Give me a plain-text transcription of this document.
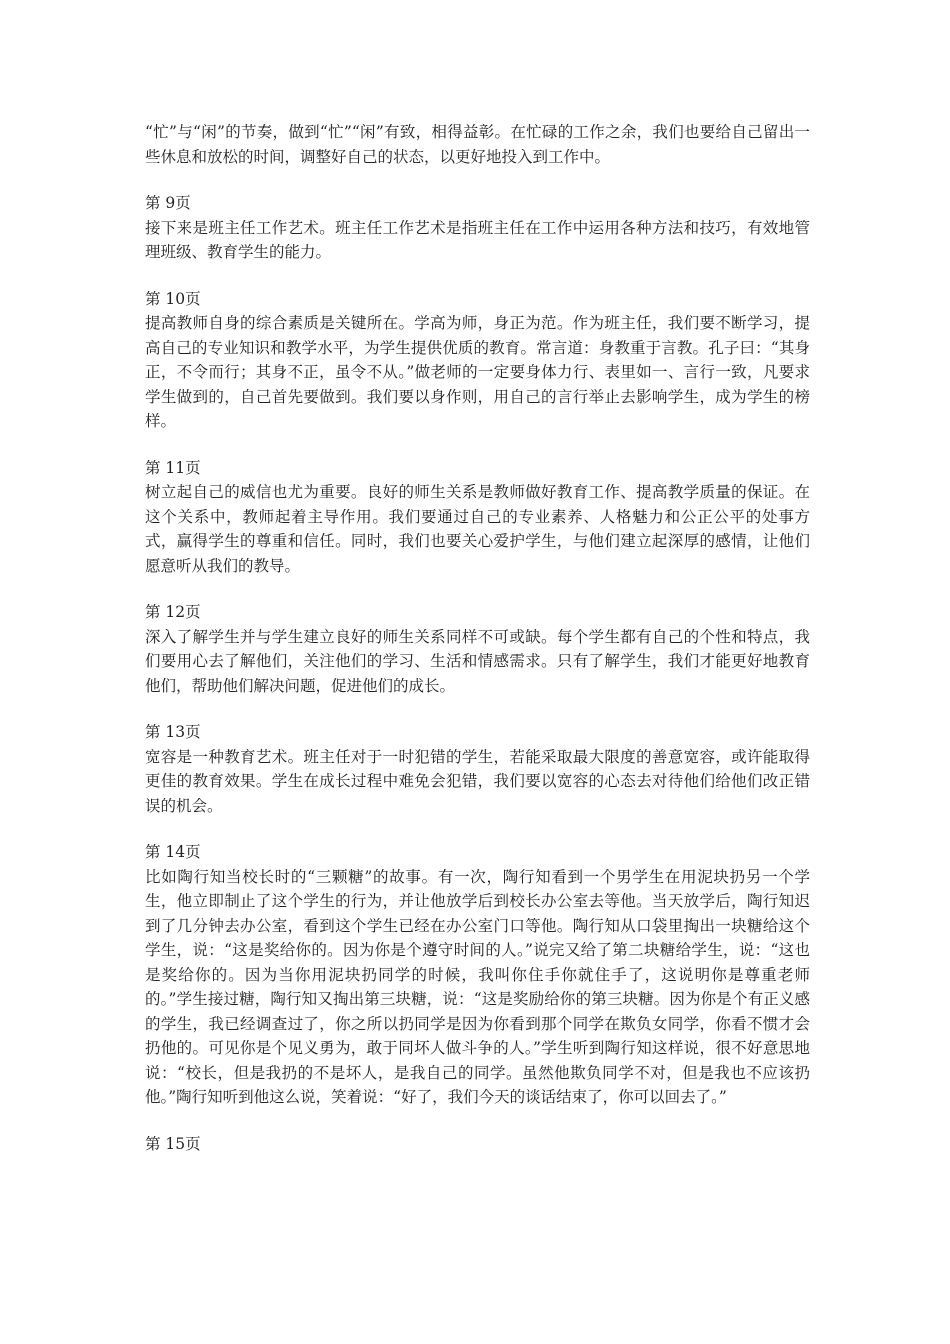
“忙”与“闲”的节奏，做到“忙”“闲”有致，相得益彰。在忙碌的工作之余，我们也要给自己留出一些休息和放松的时间，调整好自己的状态，以更好地投入到工作中。

第 9页

接下来是班主任工作艺术。班主任工作艺术是指班主任在工作中运用各种方法和技巧，有效地管理班级、教育学生的能力。

第 10页

提高教师自身的综合素质是关键所在。学高为师，身正为范。作为班主任，我们要不断学习，提高自己的专业知识和教学水平，为学生提供优质的教育。常言道：身教重于言教。孔子曰：“其身正，不令而行；其身不正，虽令不从。”做老师的一定要身体力行、表里如一、言行一致，凡要求学生做到的，自己首先要做到。我们要以身作则，用自己的言行举止去影响学生，成为学生的榜样。

第 11页

树立起自己的威信也尤为重要。良好的师生关系是教师做好教育工作、提高教学质量的保证。在这个关系中，教师起着主导作用。我们要通过自己的专业素养、人格魅力和公正公平的处事方式，赢得学生的尊重和信任。同时，我们也要关心爱护学生，与他们建立起深厚的感情，让他们愿意听从我们的教导。

第 12页

深入了解学生并与学生建立良好的师生关系同样不可或缺。每个学生都有自己的个性和特点，我们要用心去了解他们，关注他们的学习、生活和情感需求。只有了解学生，我们才能更好地教育他们，帮助他们解决问题，促进他们的成长。

第 13页

宽容是一种教育艺术。班主任对于一时犯错的学生，若能采取最大限度的善意宽容，或许能取得更佳的教育效果。学生在成长过程中难免会犯错，我们要以宽容的心态去对待他们给他们改正错误的机会。

第 14页

比如陶行知当校长时的“三颗糖”的故事。有一次，陶行知看到一个男学生在用泥块扔另一个学生，他立即制止了这个学生的行为，并让他放学后到校长办公室去等他。当天放学后，陶行知迟到了几分钟去办公室，看到这个学生已经在办公室门口等他。陶行知从口袋里掏出一块糖给这个学生，说：“这是奖给你的。因为你是个遵守时间的人。”说完又给了第二块糖给学生，说：“这也是奖给你的。因为当你用泥块扔同学的时候，我叫你住手你就住手了，这说明你是尊重老师的。”学生接过糖，陶行知又掏出第三块糖，说：“这是奖励给你的第三块糖。因为你是个有正义感的学生，我已经调查过了，你之所以扔同学是因为你看到那个同学在欺负女同学，你看不惯才会扔他的。可见你是个见义勇为，敢于同坏人做斗争的人。”学生听到陶行知这样说，很不好意思地说：“校长，但是我扔的不是坏人，是我自己的同学。虽然他欺负同学不对，但是我也不应该扔他。”陶行知听到他这么说，笑着说：“好了，我们今天的谈话结束了，你可以回去了。”

第 15页
